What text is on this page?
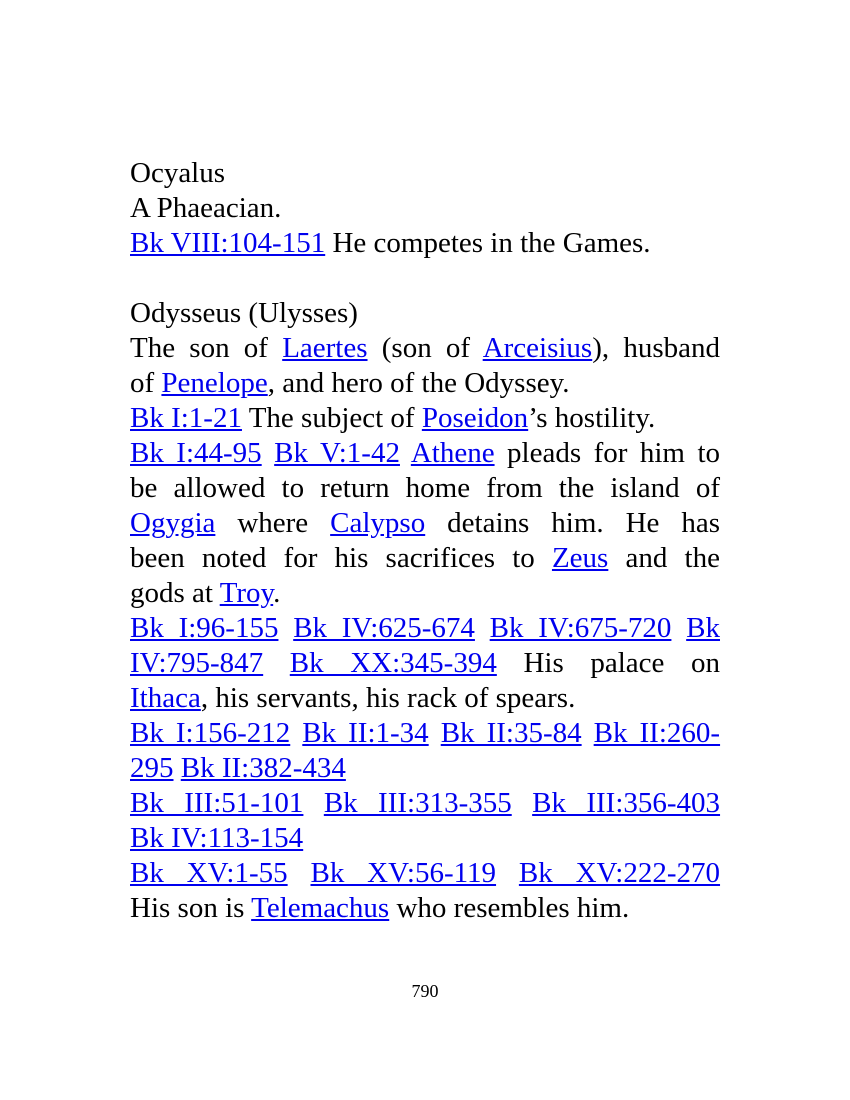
Ocyalus
A Phaeacian.
Bk VIII:104-151 He competes in the Games.
Odysseus (Ulysses)
The son of Laertes (son of Arceisius), husband
of Penelope, and hero of the Odyssey.
Bk I:1-21 The subject of Poseidon’s hostility.
Bk I:44-95 Bk V:1-42 Athene pleads for him to
be allowed to return home from the island of
Ogygia where Calypso detains him. He has
been noted for his sacrifices to Zeus and the
gods at Troy.
Bk I:96-155 Bk IV:625-674 Bk IV:675-720 Bk
IV:795-847 Bk XX:345-394 His palace on
Ithaca, his servants, his rack of spears.
Bk I:156-212 Bk II:1-34 Bk II:35-84 Bk II:260-
295 Bk II:382-434
Bk III:51-101 Bk III:313-355 Bk III:356-403
Bk IV:113-154
Bk XV:1-55 Bk XV:56-119 Bk XV:222-270
His son is Telemachus who resembles him.
790
